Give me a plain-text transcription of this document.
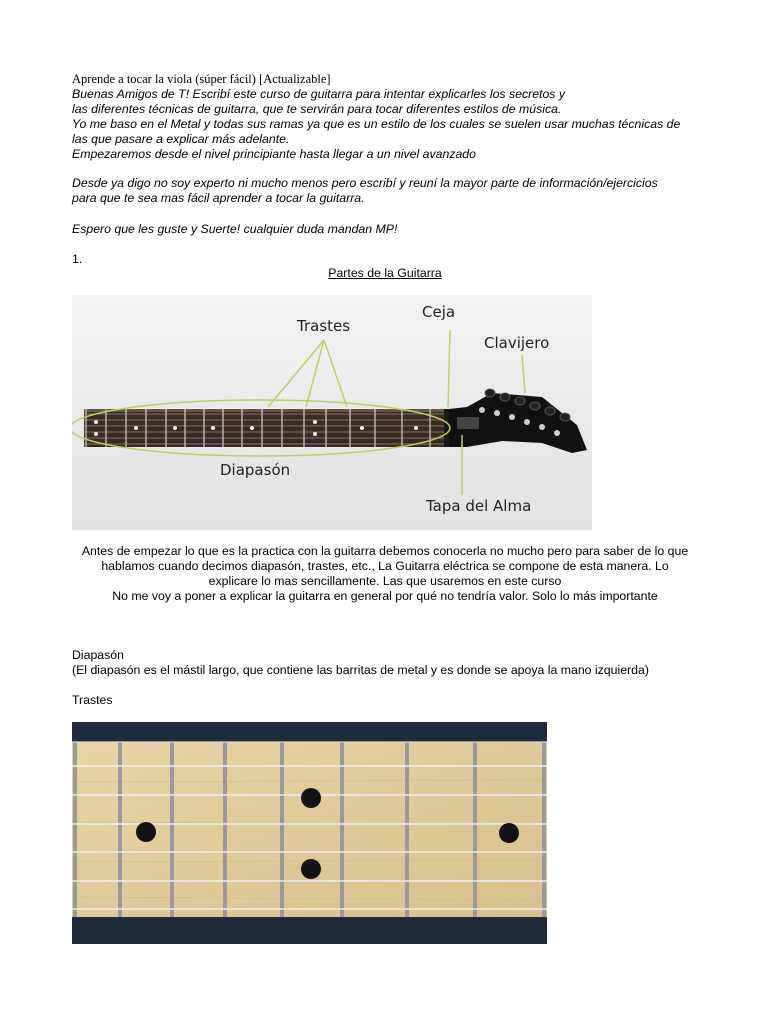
Aprende a tocar la viola (súper fácil) [Actualizable]
Buenas Amigos de T! Escribí este curso de guitarra para intentar explicarles los secretos y
las diferentes técnicas de guitarra, que te servirán para tocar diferentes estilos de música.
Yo me baso en el Metal y todas sus ramas ya que es un estilo de los cuales se suelen usar muchas técnicas de
las que pasare a explicar más adelante.
Empezaremos desde el nivel principiante hasta llegar a un nivel avanzado
Desde ya digo no soy experto ni mucho menos pero escribí y reuní la mayor parte de información/ejercicios
para que te sea mas fácil aprender a tocar la guitarra.
Espero que les guste y Suerte! cualquier duda mandan MP!
1.
Partes de la Guitarra
Trastes
Ceja
Clavijero
Diapasón
Tapa del Alma
Antes de empezar lo que es la practica con la guitarra debemos conocerla no mucho pero para saber de lo que
hablamos cuando decimos diapasón, trastes, etc., La Guitarra eléctrica se compone de esta manera. Lo
explicare lo mas sencillamente. Las que usaremos en este curso
No me voy a poner a explicar la guitarra en general por qué no tendría valor. Solo lo más importante
Diapasón
(El diapasón es el mástil largo, que contiene las barritas de metal y es donde se apoya la mano izquierda)
Trastes
